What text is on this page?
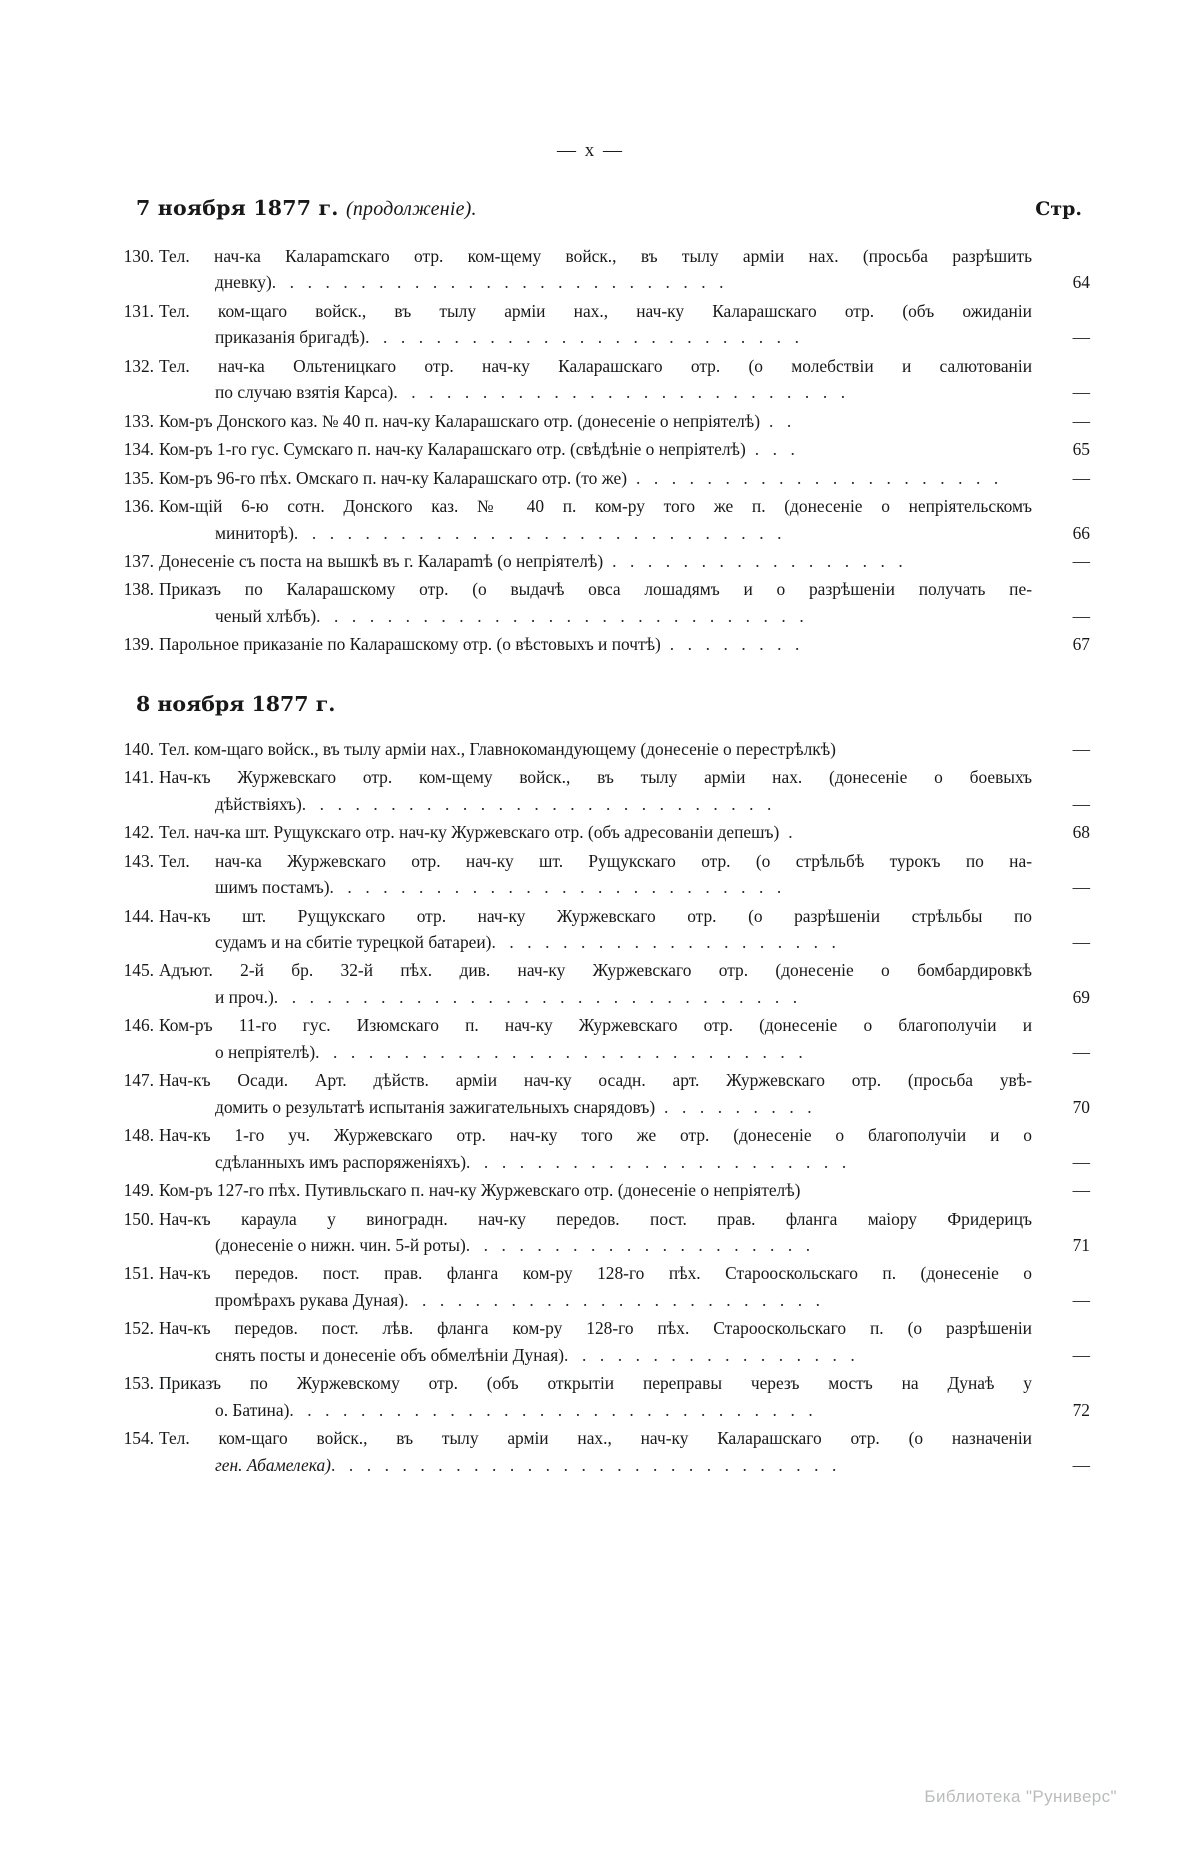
— x —
7 ноября 1877 г. (продолженіе).	Стр.
130. Тел. нач-ка Калараmскаго отр. ком-щему войск., въ тылу арміи нах. (просьба разрѣшить
дневку). . . . . . . . . . . . . . . . . . . . . . . . . .	64
131. Тел. ком-щаго войск., въ тылу арміи нах., нач-ку Каларашскаго отр. (объ ожиданіи
приказанія бригадѣ). . . . . . . . . . . . . . . . . . . . . . . . .	—
132. Тел. нач-ка Ольтеницкаго отр. нач-ку Каларашскаго отр. (о молебствіи и салютованіи
по случаю взятія Карса). . . . . . . . . . . . . . . . . . . . . . . . . .	—
133. Ком-ръ Донского каз. № 40 п. нач-ку Каларашскаго отр. (донесеніе о непріятелѣ) . .	—
134. Ком-ръ 1-го гус. Сумскаго п. нач-ку Каларашскаго отр. (свѣдѣніе о непріятелѣ) . . .	65
135. Ком-ръ 96-го пѣх. Омскаго п. нач-ку Каларашскаго отр. (то же) . . . . . . . . . . . . . . . . . . . . .	—
136. Ком-щій 6-ю сотн. Донского каз. № 40 п. ком-ру того же п. (донесеніе о непріятельскомъ
миниторѣ). . . . . . . . . . . . . . . . . . . . . . . . . . . .	66
137. Донесеніе съ поста на вышкѣ въ г. Калараmѣ (о непріятелѣ) . . . . . . . . . . . . . . . . .	—
138. Приказъ по Каларашскому отр. (о выдачѣ овса лошадямъ и о разрѣшеніи получать пе-
ченый хлѣбъ). . . . . . . . . . . . . . . . . . . . . . . . . . . .	—
139. Парольное приказаніе по Каларашскому отр. (о вѣстовыхъ и почтѣ) . . . . . . . .	67
8 ноября 1877 г.
140. Тел. ком-щаго войск., въ тылу арміи нах., Главнокомандующему (донесеніе о перестрѣлкѣ)	—
141. Нач-къ Журжевскаго отр. ком-щему войск., въ тылу арміи нах. (донесеніе о боевыхъ
дѣйствіяхъ). . . . . . . . . . . . . . . . . . . . . . . . . . .	—
142. Тел. нач-ка шт. Рущукскаго отр. нач-ку Журжевскаго отр. (объ адресованіи депешъ) .	68
143. Тел. нач-ка Журжевскаго отр. нач-ку шт. Рущукскаго отр. (о стрѣльбѣ турокъ по на-
шимъ постамъ). . . . . . . . . . . . . . . . . . . . . . . . . .	—
144. Нач-къ шт. Рущукскаго отр. нач-ку Журжевскаго отр. (о разрѣшеніи стрѣльбы по
судамъ и на сбитіе турецкой батареи). . . . . . . . . . . . . . . . . . . .	—
145. Адъют. 2-й бр. 32-й пѣх. див. нач-ку Журжевскаго отр. (донесеніе о бомбардировкѣ
и проч.). . . . . . . . . . . . . . . . . . . . . . . . . . . . . .	69
146. Ком-ръ 11-го гус. Изюмскаго п. нач-ку Журжевскаго отр. (донесеніе о благополучіи и
о непріятелѣ). . . . . . . . . . . . . . . . . . . . . . . . . . . .	—
147. Нач-къ Осади. Арт. дѣйств. арміи нач-ку осадн. арт. Журжевскаго отр. (просьба увѣ-
домить о результатѣ испытанія зажигательныхъ снарядовъ) . . . . . . . . .	70
148. Нач-къ 1-го уч. Журжевскаго отр. нач-ку того же отр. (донесеніе о благополучіи и о
сдѣланныхъ имъ распоряженіяхъ). . . . . . . . . . . . . . . . . . . . . .	—
149. Ком-ръ 127-го пѣх. Путивльскаго п. нач-ку Журжевскаго отр. (донесеніе о непріятелѣ)	—
150. Нач-къ караула у виноградн. нач-ку передов. пост. прав. фланга маіору Фридерицъ
(донесеніе о нижн. чин. 5-й роты). . . . . . . . . . . . . . . . . . . .	71
151. Нач-къ передов. пост. прав. фланга ком-ру 128-го пѣх. Старооскольскаго п. (донесеніе о
промѣрахъ рукава Дуная). . . . . . . . . . . . . . . . . . . . . . . .	—
152. Нач-къ передов. пост. лѣв. фланга ком-ру 128-го пѣх. Старооскольскаго п. (о разрѣшеніи
снять посты и донесеніе объ обмелѣніи Дуная). . . . . . . . . . . . . . . . .	—
153. Приказъ по Журжевскому отр. (объ открытіи переправы черезъ мостъ на Дунаѣ у
о. Батина). . . . . . . . . . . . . . . . . . . . . . . . . . . . . .	72
154. Тел. ком-щаго войск., въ тылу арміи нах., нач-ку Каларашскаго отр. (о назначеніи
ген. Абамелека). . . . . . . . . . . . . . . . . . . . . . . . . . . . .	—
Библиотека "Руниверс"
